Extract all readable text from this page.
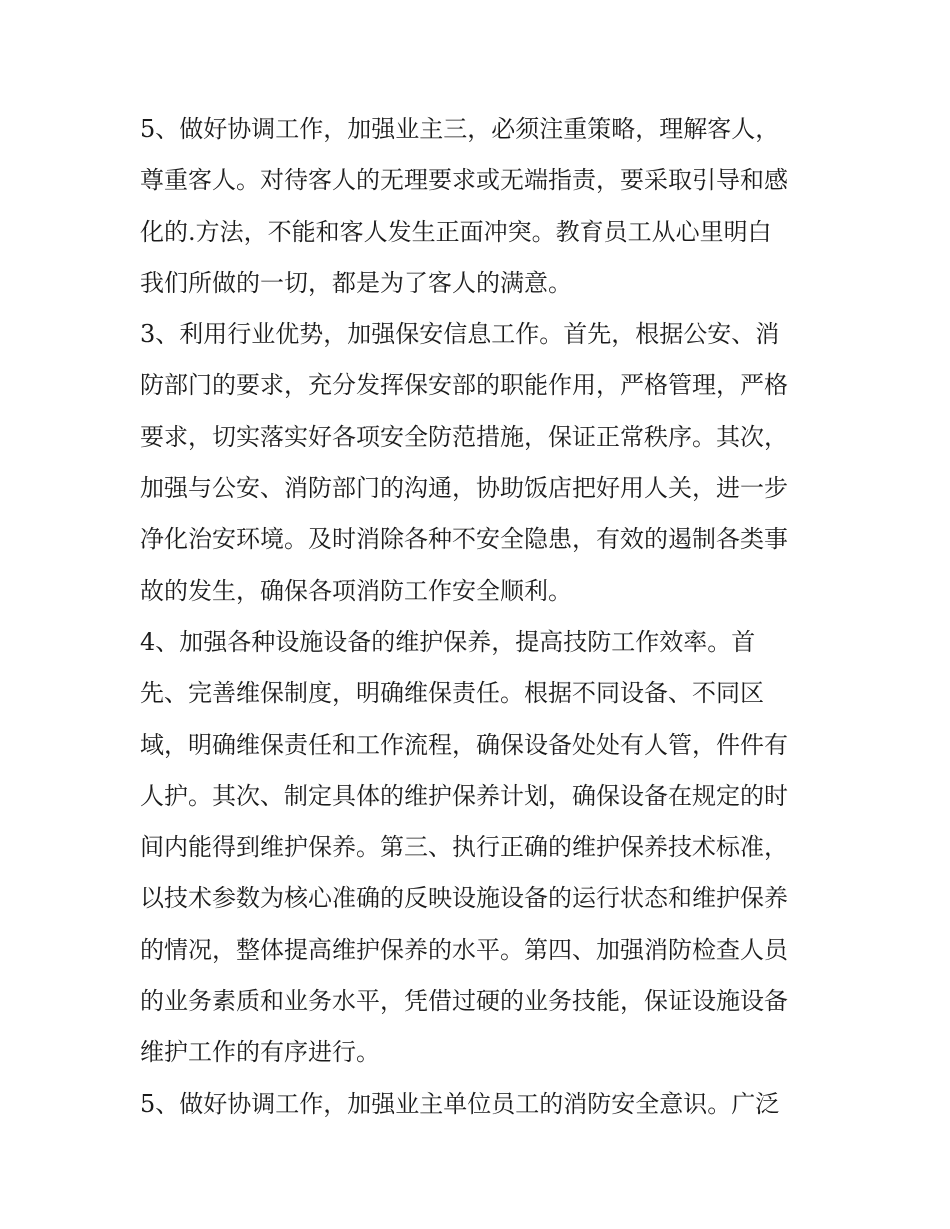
5、做好协调工作，加强业主三，必须注重策略，理解客人，
尊重客人。对待客人的无理要求或无端指责，要采取引导和感
化的.方法，不能和客人发生正面冲突。教育员工从心里明白
我们所做的一切，都是为了客人的满意。
3、利用行业优势，加强保安信息工作。首先，根据公安、消
防部门的要求，充分发挥保安部的职能作用，严格管理，严格
要求，切实落实好各项安全防范措施，保证正常秩序。其次，
加强与公安、消防部门的沟通，协助饭店把好用人关，进一步
净化治安环境。及时消除各种不安全隐患，有效的遏制各类事
故的发生，确保各项消防工作安全顺利。
4、加强各种设施设备的维护保养，提高技防工作效率。首
先、完善维保制度，明确维保责任。根据不同设备、不同区
域，明确维保责任和工作流程，确保设备处处有人管，件件有
人护。其次、制定具体的维护保养计划，确保设备在规定的时
间内能得到维护保养。第三、执行正确的维护保养技术标准，
以技术参数为核心准确的反映设施设备的运行状态和维护保养
的情况，整体提高维护保养的水平。第四、加强消防检查人员
的业务素质和业务水平，凭借过硬的业务技能，保证设施设备
维护工作的有序进行。
5、做好协调工作，加强业主单位员工的消防安全意识。广泛
